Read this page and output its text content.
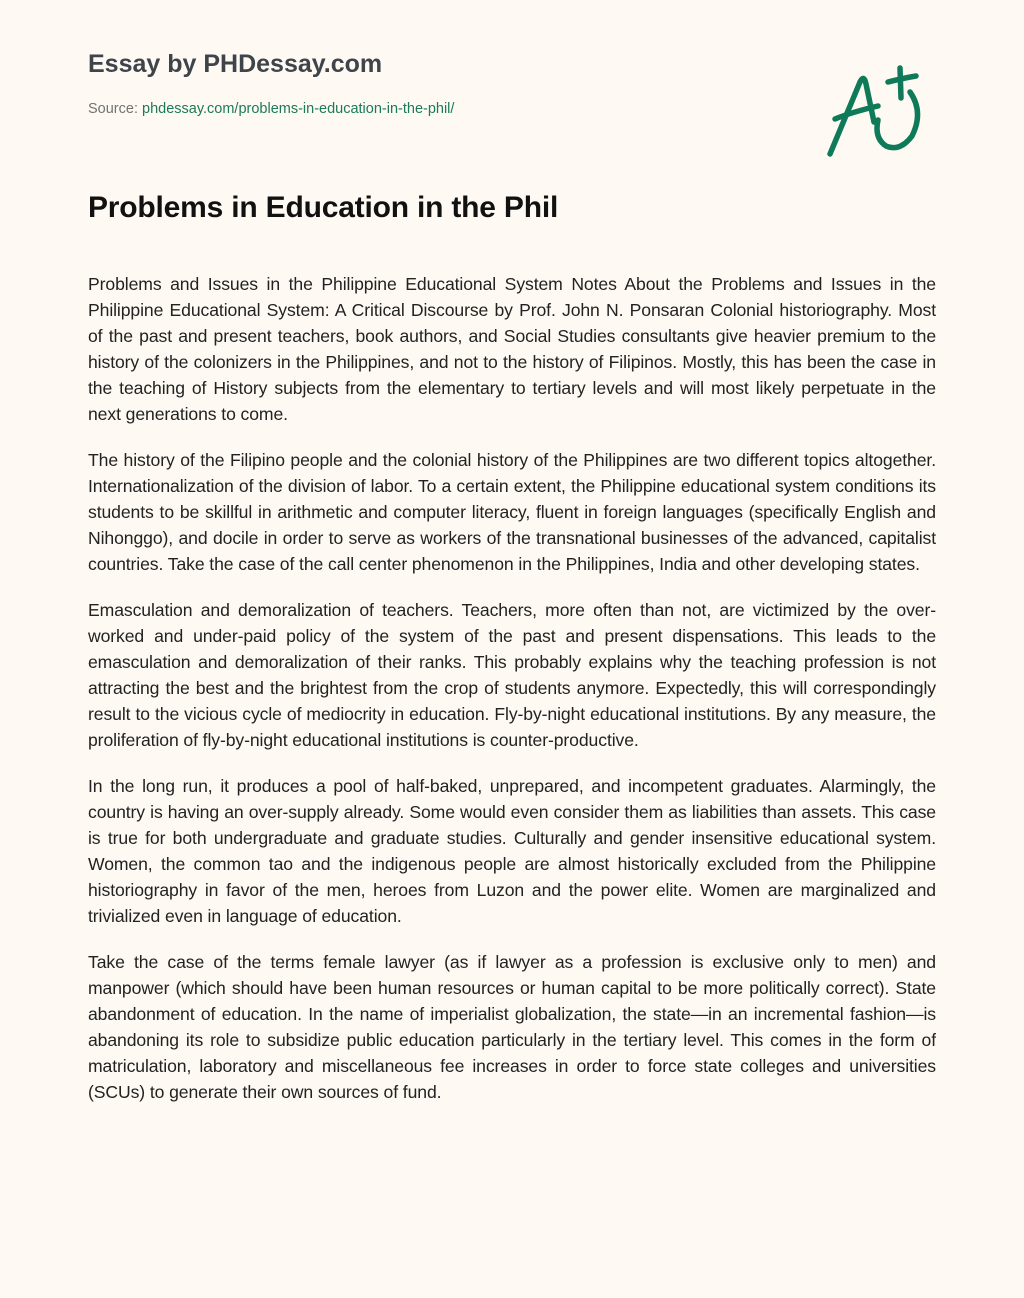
Essay by PHDessay.com

Source: phdessay.com/problems-in-education-in-the-phil/

Problems in Education in the Phil

Problems and Issues in the Philippine Educational System Notes About the Problems and Issues in the Philippine Educational System: A Critical Discourse by Prof. John N. Ponsaran Colonial historiography. Most of the past and present teachers, book authors, and Social Studies consultants give heavier premium to the history of the colonizers in the Philippines, and not to the history of Filipinos. Mostly, this has been the case in the teaching of History subjects from the elementary to tertiary levels and will most likely perpetuate in the next generations to come.

The history of the Filipino people and the colonial history of the Philippines are two different topics altogether. Internationalization of the division of labor. To a certain extent, the Philippine educational system conditions its students to be skillful in arithmetic and computer literacy, fluent in foreign languages (specifically English and Nihonggo), and docile in order to serve as workers of the transnational businesses of the advanced, capitalist countries. Take the case of the call center phenomenon in the Philippines, India and other developing states.

Emasculation and demoralization of teachers. Teachers, more often than not, are victimized by the over-worked and under-paid policy of the system of the past and present dispensations. This leads to the emasculation and demoralization of their ranks. This probably explains why the teaching profession is not attracting the best and the brightest from the crop of students anymore. Expectedly, this will correspondingly result to the vicious cycle of mediocrity in education. Fly-by-night educational institutions. By any measure, the proliferation of fly-by-night educational institutions is counter-productive.

In the long run, it produces a pool of half-baked, unprepared, and incompetent graduates. Alarmingly, the country is having an over-supply already. Some would even consider them as liabilities than assets. This case is true for both undergraduate and graduate studies. Culturally and gender insensitive educational system. Women, the common tao and the indigenous people are almost historically excluded from the Philippine historiography in favor of the men, heroes from Luzon and the power elite. Women are marginalized and trivialized even in language of education.

Take the case of the terms female lawyer (as if lawyer as a profession is exclusive only to men) and manpower (which should have been human resources or human capital to be more politically correct). State abandonment of education. In the name of imperialist globalization, the state—in an incremental fashion—is abandoning its role to subsidize public education particularly in the tertiary level. This comes in the form of matriculation, laboratory and miscellaneous fee increases in order to force state colleges and universities (SCUs) to generate their own sources of fund.
